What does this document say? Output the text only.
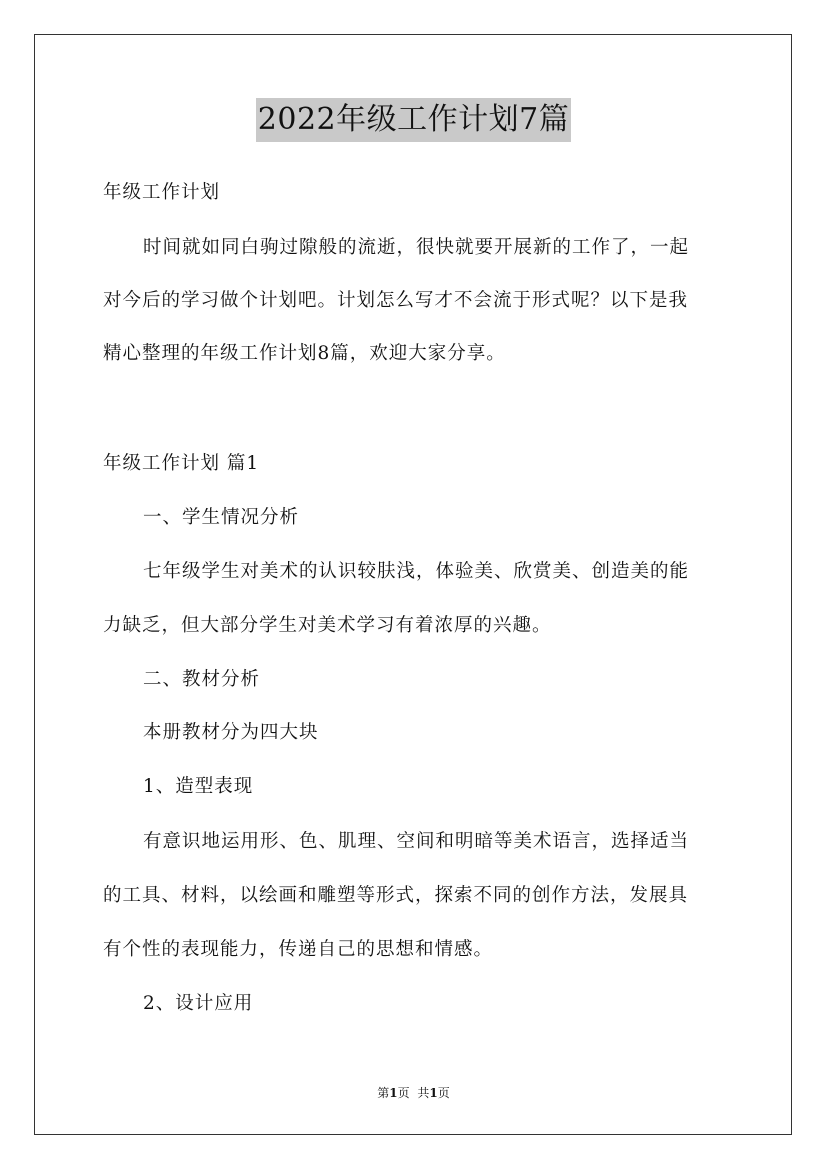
2022年级工作计划7篇
年级工作计划
时间就如同白驹过隙般的流逝，很快就要开展新的工作了，一起
对今后的学习做个计划吧。计划怎么写才不会流于形式呢？以下是我
精心整理的年级工作计划8篇，欢迎大家分享。
年级工作计划 篇1
一、学生情况分析
七年级学生对美术的认识较肤浅，体验美、欣赏美、创造美的能
力缺乏，但大部分学生对美术学习有着浓厚的兴趣。
二、教材分析
本册教材分为四大块
1、造型表现
有意识地运用形、色、肌理、空间和明暗等美术语言，选择适当
的工具、材料，以绘画和雕塑等形式，探索不同的创作方法，发展具
有个性的表现能力，传递自己的思想和情感。
2、设计应用
第1页 共1页
